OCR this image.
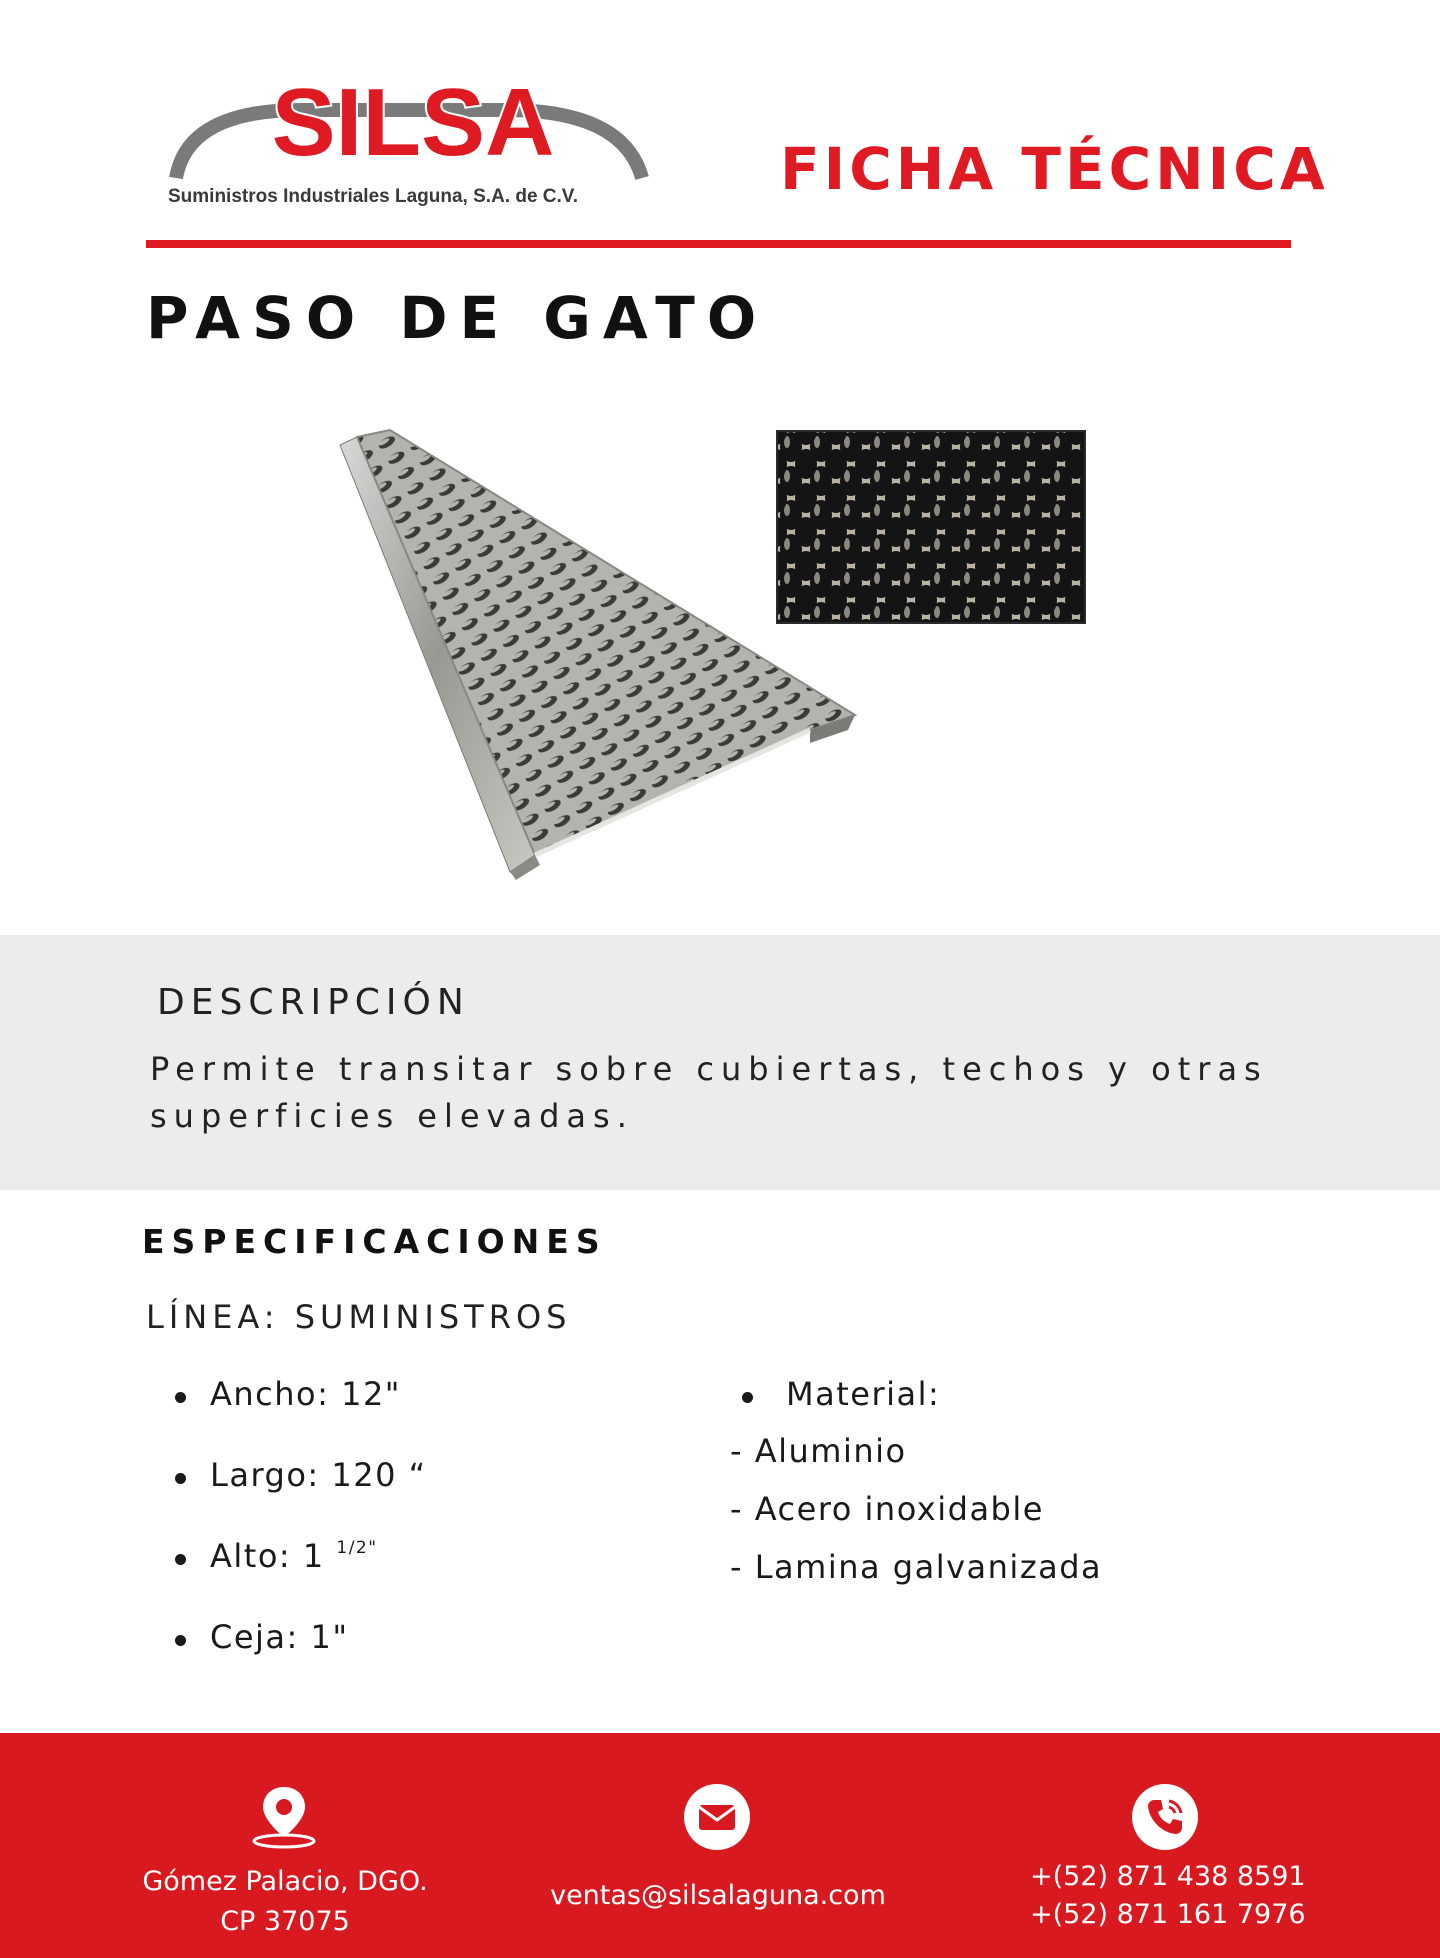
SILSA
Suministros Industriales Laguna, S.A. de C.V.	FICHA TÉCNICA
PASO DE GATO
DESCRIPCIÓN
Permite transitar sobre cubiertas, techos y otras superficies elevadas.
ESPECIFICACIONES
LÍNEA: SUMINISTROS
Ancho: 12"
Largo: 120 “
Alto: 1 $^{1/2"}$
Ceja: 1"
Material:
- Aluminio
- Acero inoxidable
- Lamina galvanizada
Gómez Palacio, DGO.
CP 37075
ventas@silsalaguna.com
+(52) 871 438 8591
+(52) 871 161 7976
